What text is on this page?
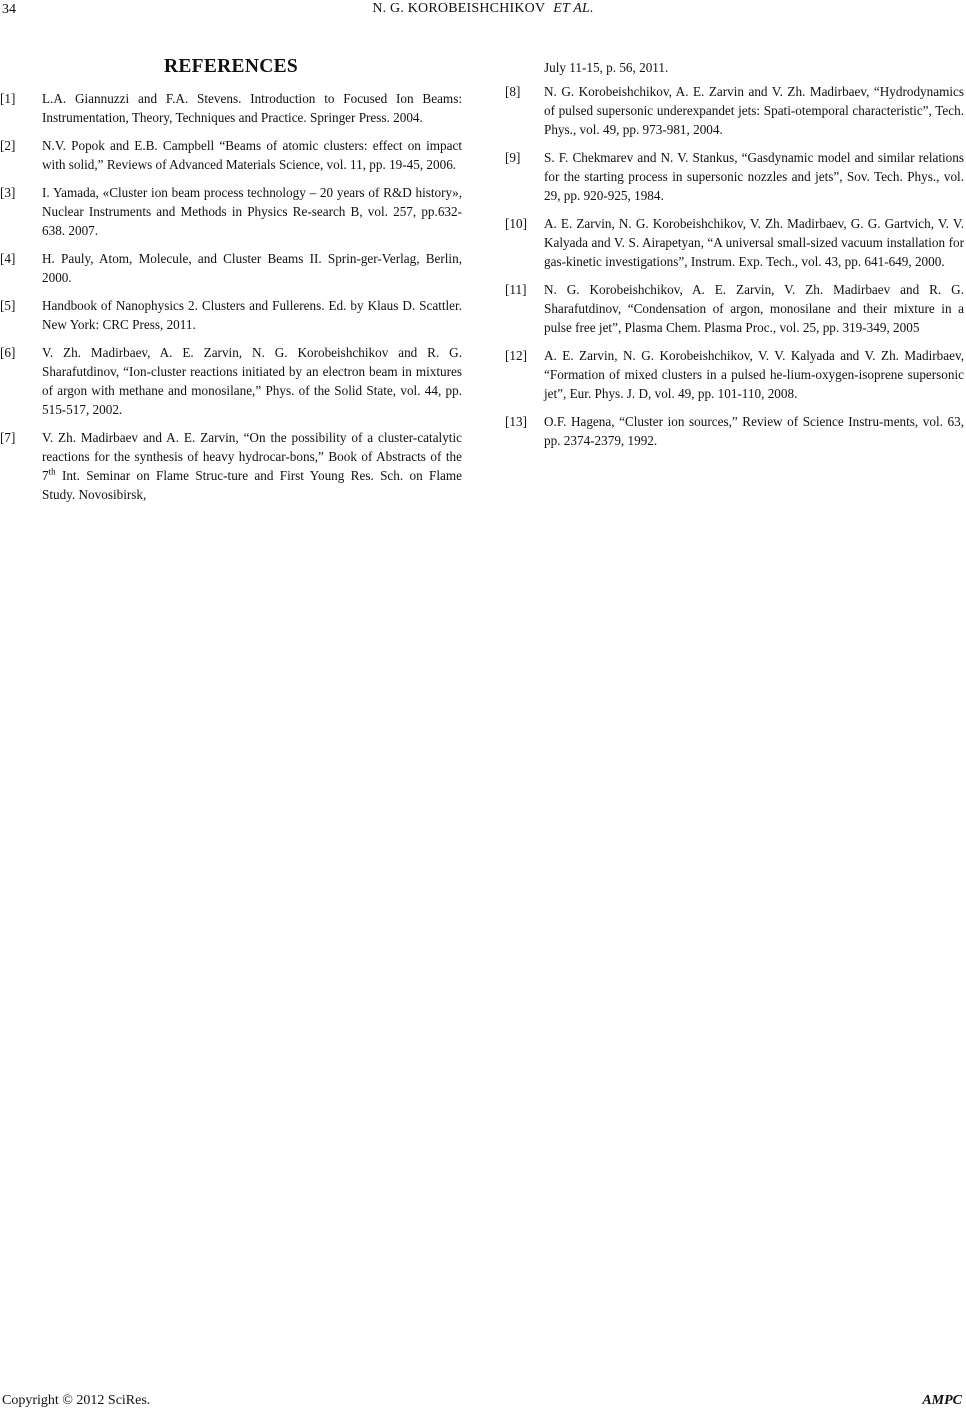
34	N. G. KOROBEISHCHIKOV ET AL.
REFERENCES
[1]	L.A. Giannuzzi and F.A. Stevens. Introduction to Focused Ion Beams: Instrumentation, Theory, Techniques and Practice. Springer Press. 2004.
[2]	N.V. Popok and E.B. Campbell “Beams of atomic clusters: effect on impact with solid,” Reviews of Advanced Materials Science, vol. 11, pp. 19-45, 2006.
[3]	I. Yamada, «Cluster ion beam process technology – 20 years of R&D history», Nuclear Instruments and Methods in Physics Re-search B, vol. 257, pp.632-638. 2007.
[4]	H. Pauly, Atom, Molecule, and Cluster Beams II. Sprin-ger-Verlag, Berlin, 2000.
[5]	Handbook of Nanophysics 2. Clusters and Fullerens. Ed. by Klaus D. Scattler. New York: CRC Press, 2011.
[6]	V. Zh. Madirbaev, A. E. Zarvin, N. G. Korobeishchikov and R. G. Sharafutdinov, “Ion-cluster reactions initiated by an electron beam in mixtures of argon with methane and monosilane,” Phys. of the Solid State, vol. 44, pp. 515-517, 2002.
[7]	V. Zh. Madirbaev and A. E. Zarvin, “On the possibility of a cluster-catalytic reactions for the synthesis of heavy hydrocar-bons,” Book of Abstracts of the 7th Int. Seminar on Flame Struc-ture and First Young Res. Sch. on Flame Study. Novosibirsk,
July 11-15, p. 56, 2011.
[8]	N. G. Korobeishchikov, A. E. Zarvin and V. Zh. Madirbaev, “Hydrodynamics of pulsed supersonic underexpandet jets: Spati-otemporal characteristic”, Tech. Phys., vol. 49, pp. 973-981, 2004.
[9]	S. F. Chekmarev and N. V. Stankus, “Gasdynamic model and similar relations for the starting process in supersonic nozzles and jets”, Sov. Tech. Phys., vol. 29, pp. 920-925, 1984.
[10]	A. E. Zarvin, N. G. Korobeishchikov, V. Zh. Madirbaev, G. G. Gartvich, V. V. Kalyada and V. S. Airapetyan, “A universal small-sized vacuum installation for gas-kinetic investigations”, Instrum. Exp. Tech., vol. 43, pp. 641-649, 2000.
[11]	N. G. Korobeishchikov, A. E. Zarvin, V. Zh. Madirbaev and R. G. Sharafutdinov, “Condensation of argon, monosilane and their mixture in a pulse free jet”, Plasma Chem. Plasma Proc., vol. 25, pp. 319-349, 2005
[12]	A. E. Zarvin, N. G. Korobeishchikov, V. V. Kalyada and V. Zh. Madirbaev, “Formation of mixed clusters in a pulsed he-lium-oxygen-isoprene supersonic jet”, Eur. Phys. J. D, vol. 49, pp. 101-110, 2008.
[13]	O.F. Hagena, “Cluster ion sources,” Review of Science Instru-ments, vol. 63, pp. 2374-2379, 1992.
Copyright © 2012 SciRes.	AMPC
